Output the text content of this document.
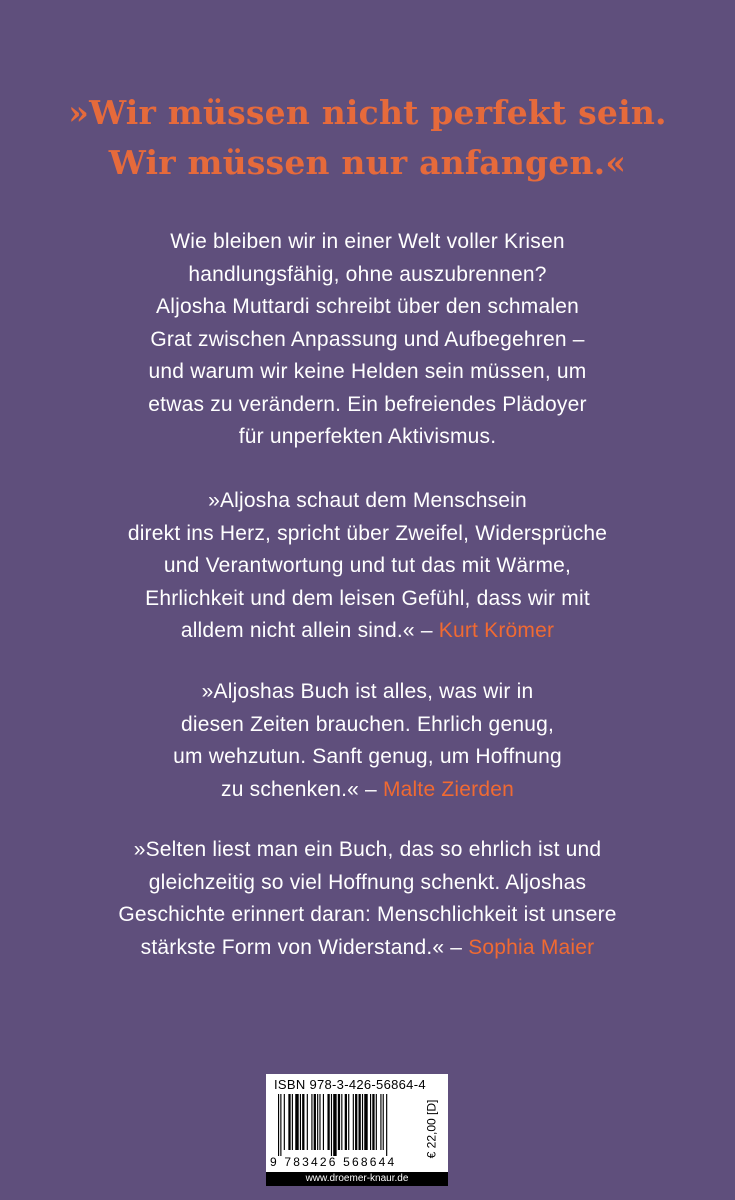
»Wir müssen nicht perfekt sein.
Wir müssen nur anfangen.«
Wie bleiben wir in einer Welt voller Krisen
handlungsfähig, ohne auszubrennen?
Aljosha Muttardi schreibt über den schmalen
Grat zwischen Anpassung und Aufbegehren –
und warum wir keine Helden sein müssen, um
etwas zu verändern. Ein befreiendes Plädoyer
für unperfekten Aktivismus.
»Aljosha schaut dem Menschsein
direkt ins Herz, spricht über Zweifel, Widersprüche
und Verantwortung und tut das mit Wärme,
Ehrlichkeit und dem leisen Gefühl, dass wir mit
alldem nicht allein sind.« – Kurt Krömer
»Aljoshas Buch ist alles, was wir in
diesen Zeiten brauchen. Ehrlich genug,
um wehzutun. Sanft genug, um Hoffnung
zu schenken.« – Malte Zierden
»Selten liest man ein Buch, das so ehrlich ist und
gleichzeitig so viel Hoffnung schenkt. Aljoshas
Geschichte erinnert daran: Menschlichkeit ist unsere
stärkste Form von Widerstand.« – Sophia Maier
ISBN 978-3-426-56864-4
9 783426 568644
€ 22,00 [D]
www.droemer-knaur.de
